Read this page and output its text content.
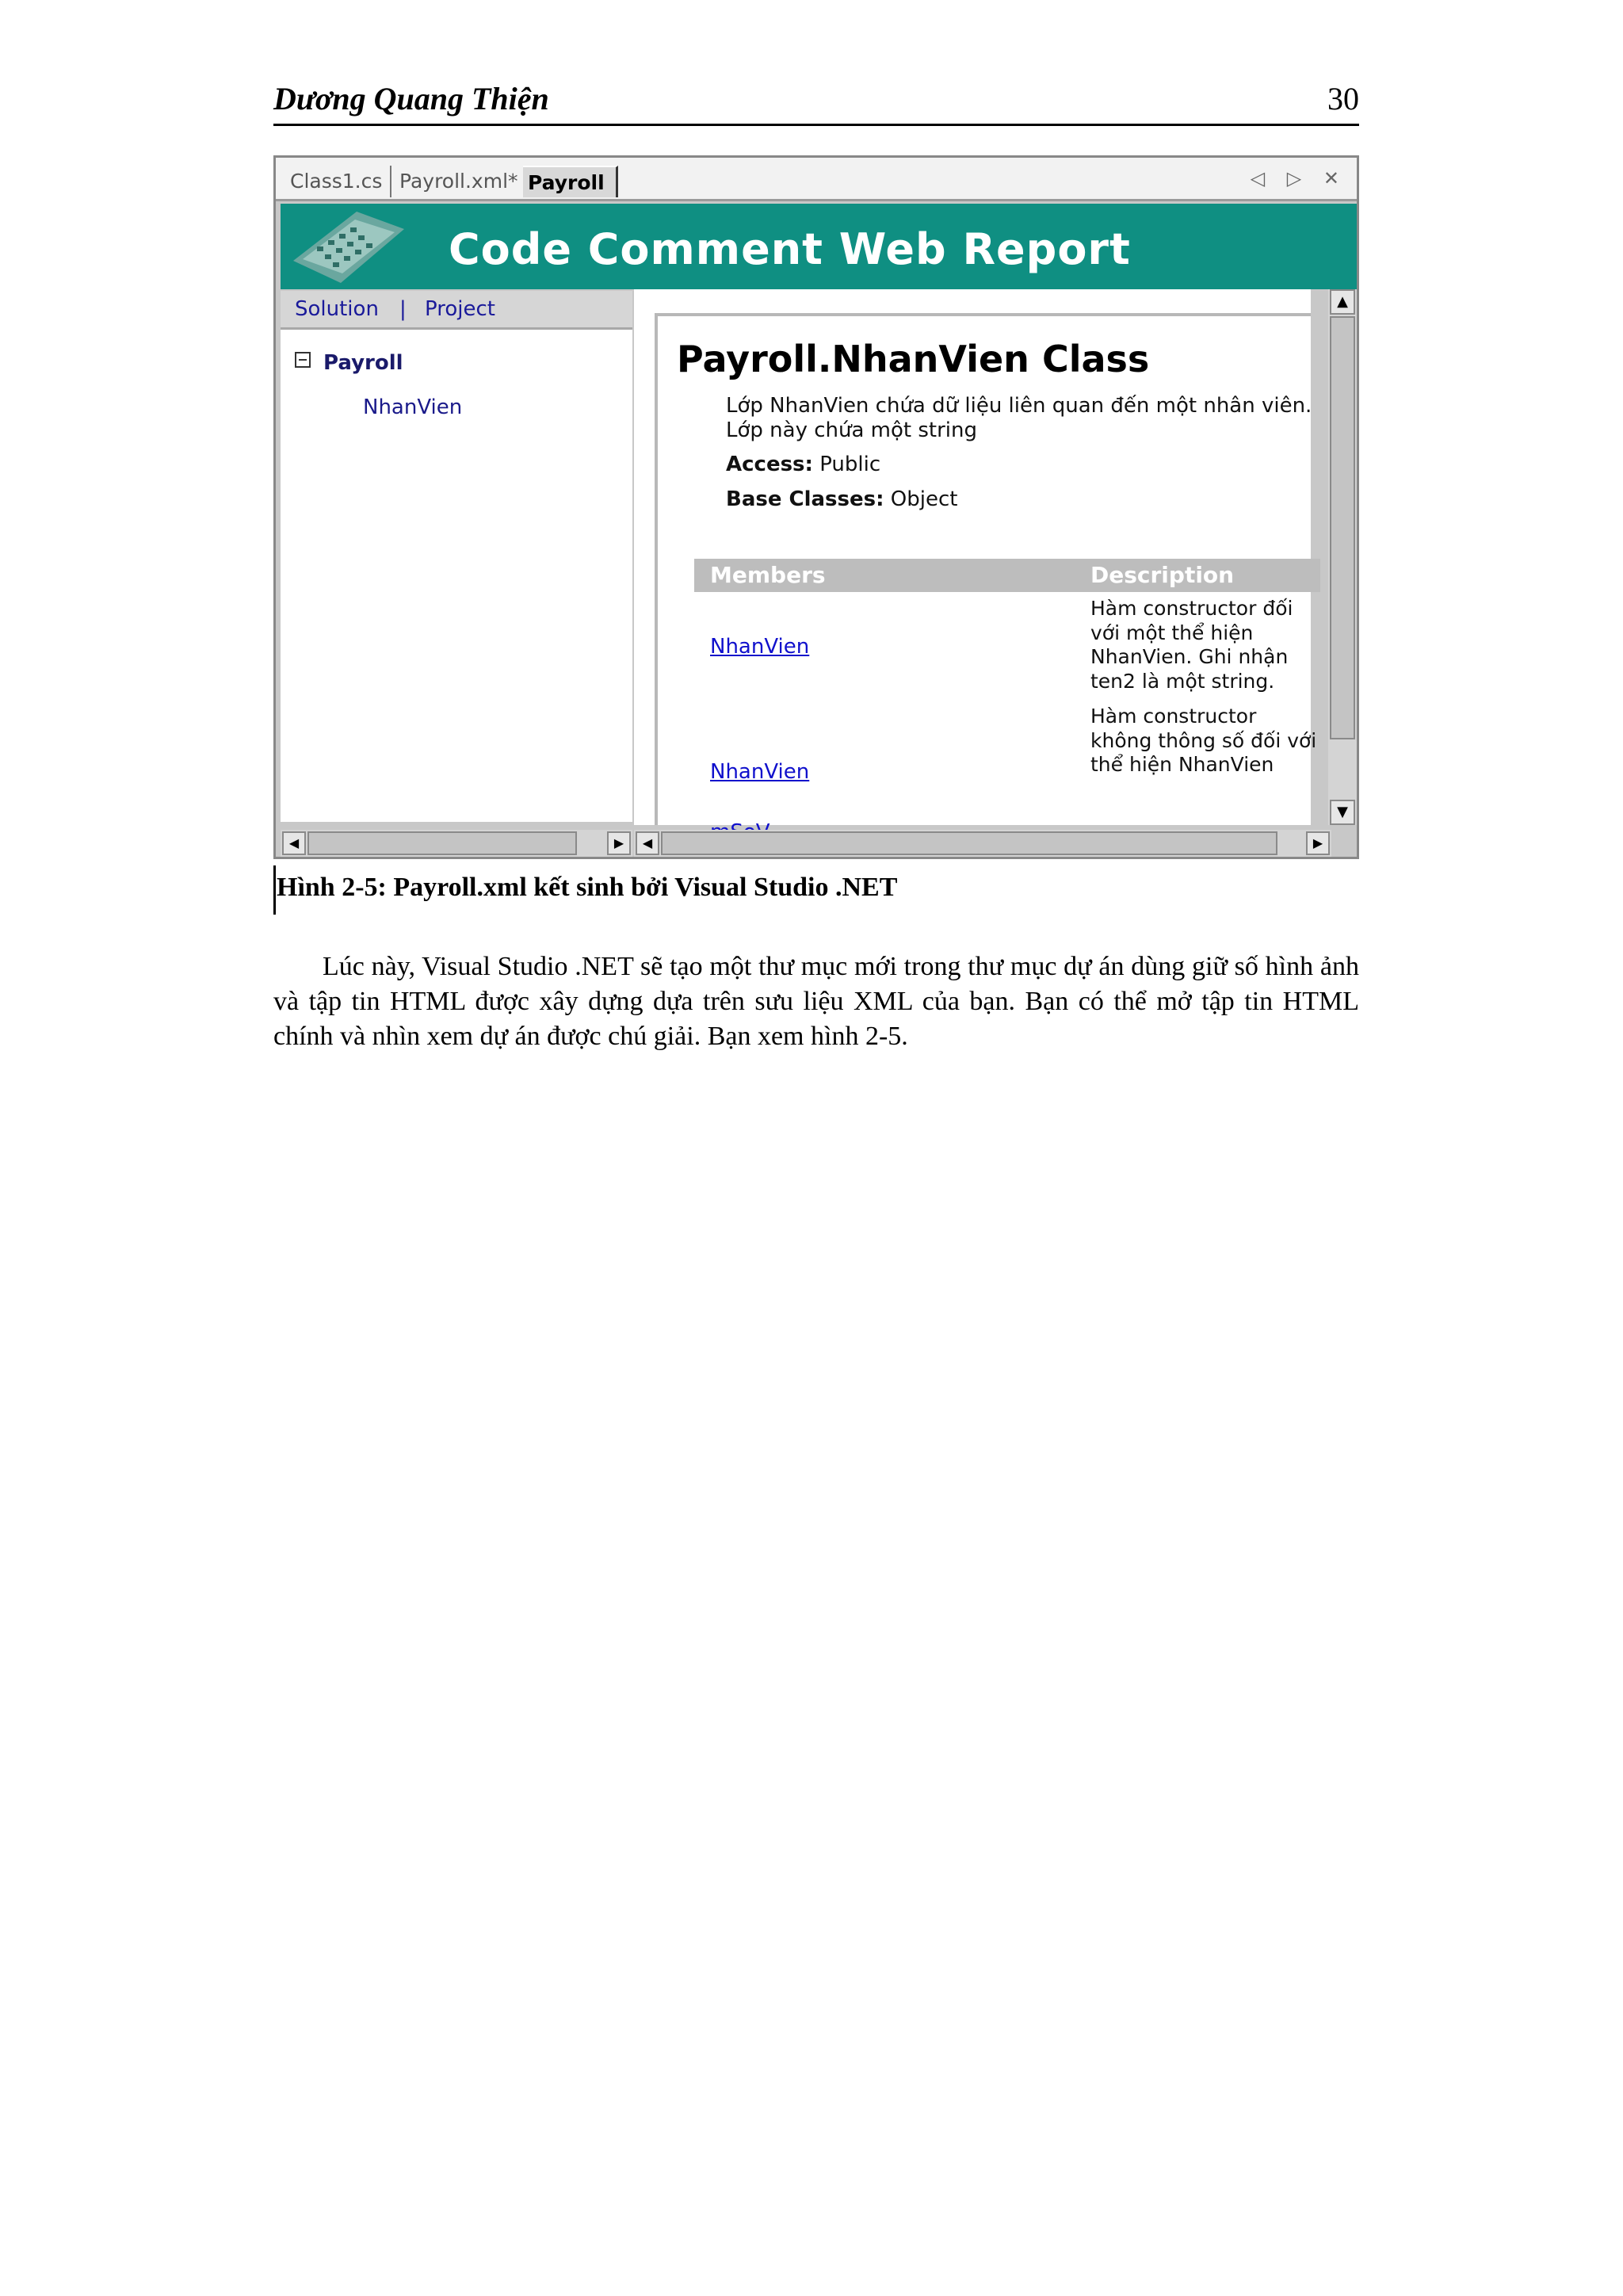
Dương Quang Thiện	30
Class1.cs Payroll.xml* Payroll	◁ ▷ ✕
Code Comment Web Report
Solution | Project
Payroll
NhanVien
Payroll.NhanVien Class
Lớp NhanVien chứa dữ liệu liên quan đến một nhân viên. Lớp này chứa một string
Access: Public
Base Classes: Object
Members	Description
NhanVien
Hàm constructor đối với một thể hiện NhanVien. Ghi nhận ten2 là một string.
NhanVien
Hàm constructor không thông số đối với thể hiện NhanVien
▲
▼
◀	▶	◀	▶
Hình 2-5: Payroll.xml kết sinh bởi Visual Studio .NET

Lúc này, Visual Studio .NET sẽ tạo một thư mục mới trong thư mục dự án dùng giữ số hình ảnh và tập tin HTML được xây dựng dựa trên sưu liệu XML của bạn. Bạn có thể mở tập tin HTML chính và nhìn xem dự án được chú giải. Bạn xem hình 2-5.
